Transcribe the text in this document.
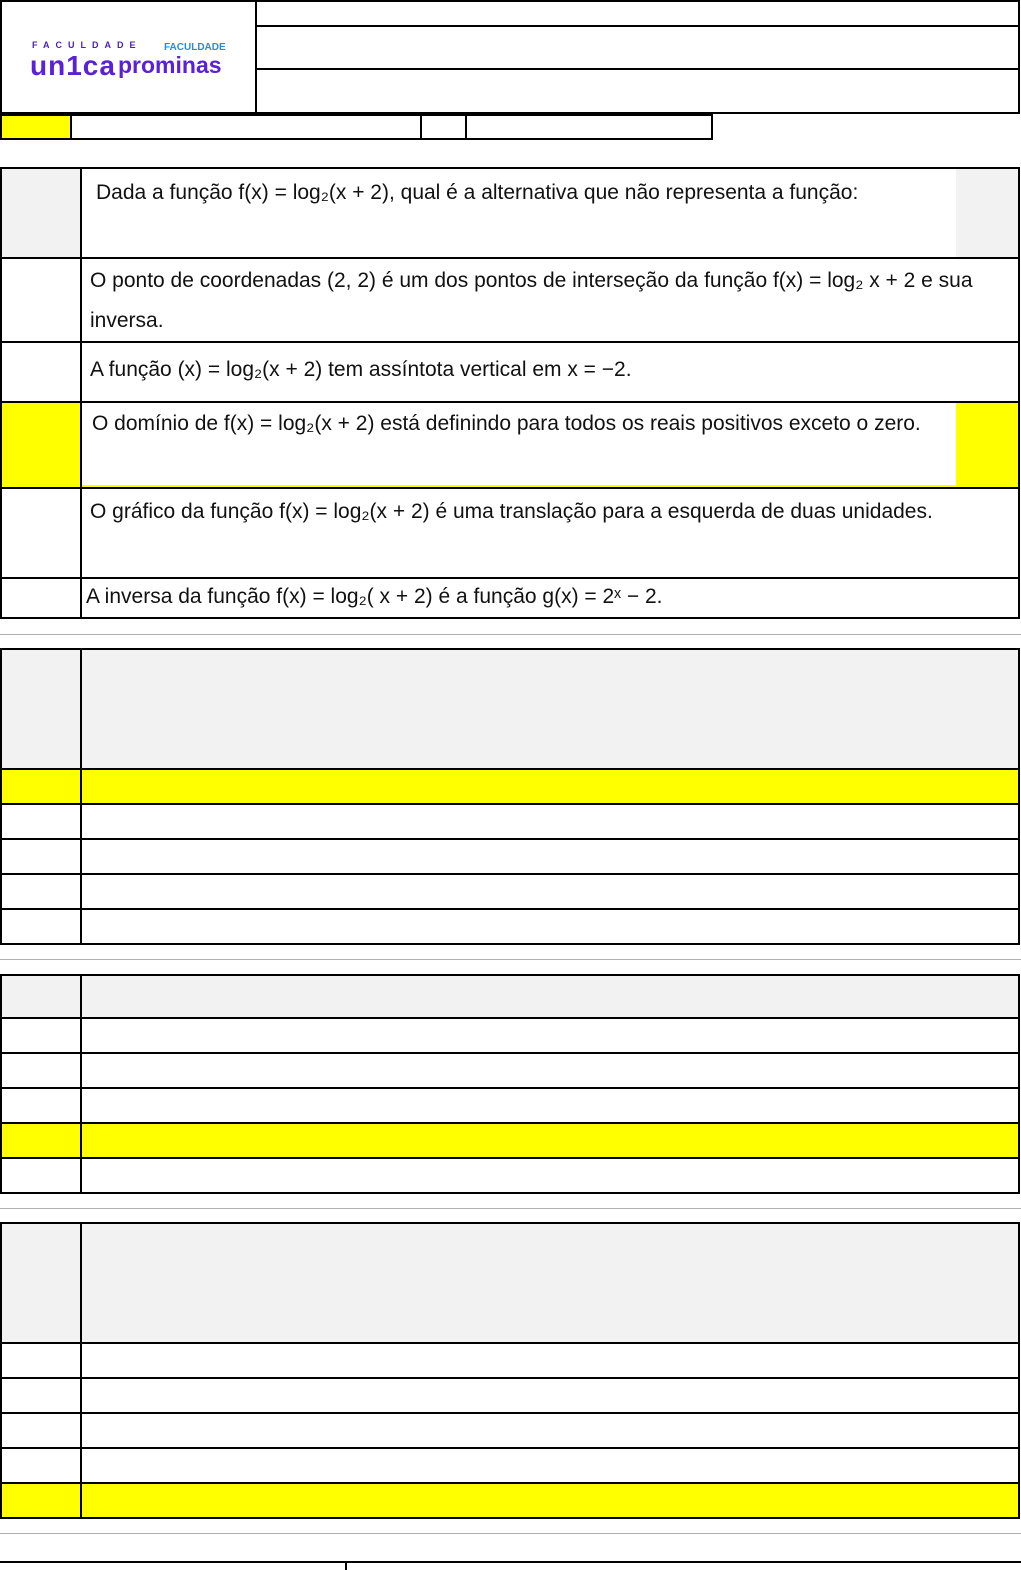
FACULDADE
un1ca
FACULDADE
prominas
Dada a função f(x) = log₂(x + 2), qual é a alternativa que não representa a função:
O ponto de coordenadas (2, 2) é um dos pontos de interseção da função f(x) = log₂ x + 2 e sua inversa.
A função (x) = log₂(x + 2) tem assíntota vertical em x = −2.
O domínio de f(x) = log₂(x + 2) está definindo para todos os reais positivos exceto o zero.
O gráfico da função f(x) = log₂(x + 2) é uma translação para a esquerda de duas unidades.
A inversa da função f(x) = log₂( x + 2) é a função g(x) = 2ˣ − 2.
